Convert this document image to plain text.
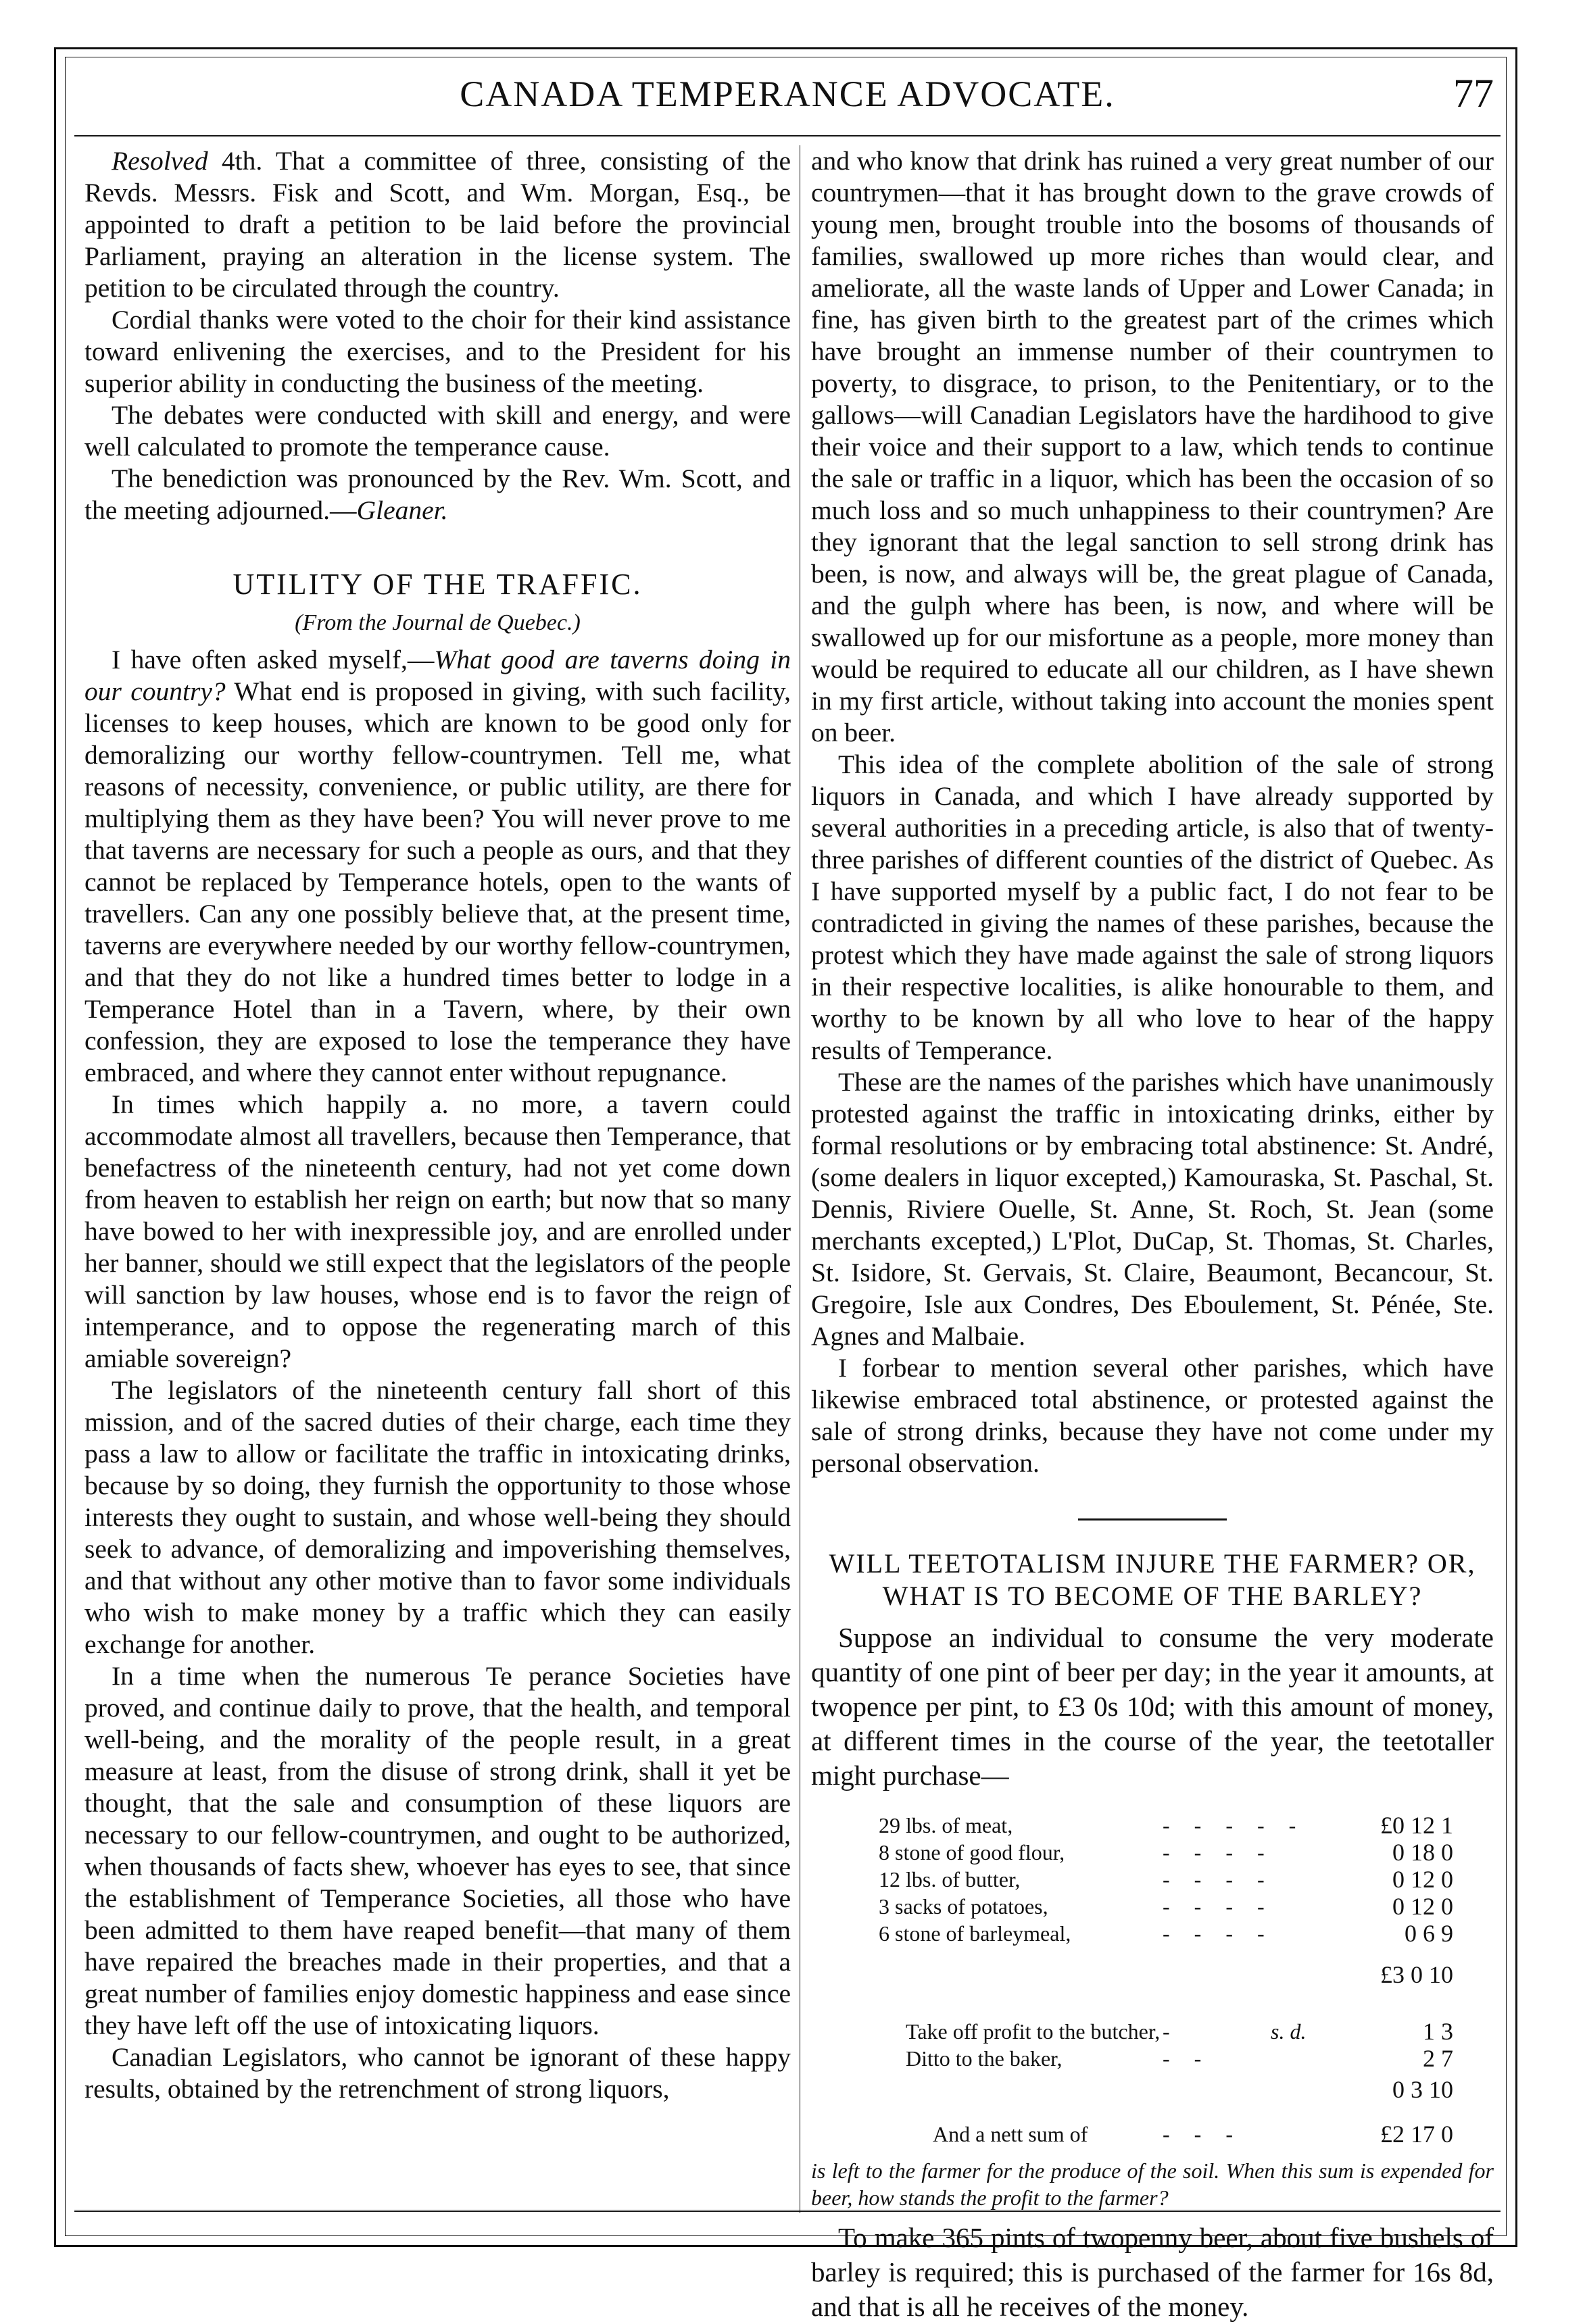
CANADA TEMPERANCE ADVOCATE.	77

Resolved 4th. That a committee of three, consisting of the Revds. Messrs. Fisk and Scott, and Wm. Morgan, Esq., be appointed to draft a petition to be laid before the provincial Parliament, praying an alteration in the license system. The petition to be circulated through the country.

Cordial thanks were voted to the choir for their kind assistance toward enlivening the exercises, and to the President for his superior ability in conducting the business of the meeting.

The debates were conducted with skill and energy, and were well calculated to promote the temperance cause.

The benediction was pronounced by the Rev. Wm. Scott, and the meeting adjourned.—Gleaner.

UTILITY OF THE TRAFFIC.
(From the Journal de Quebec.)

I have often asked myself,—What good are taverns doing in our country? What end is proposed in giving, with such facility, licenses to keep houses, which are known to be good only for demoralizing our worthy fellow-countrymen. Tell me, what reasons of necessity, convenience, or public utility, are there for multiplying them as they have been? You will never prove to me that taverns are necessary for such a people as ours, and that they cannot be replaced by Temperance hotels, open to the wants of travellers. Can any one possibly believe that, at the present time, taverns are everywhere needed by our worthy fellow-countrymen, and that they do not like a hundred times better to lodge in a Temperance Hotel than in a Tavern, where, by their own confession, they are exposed to lose the temperance they have embraced, and where they cannot enter without repugnance.

In times which happily a. no more, a tavern could accommodate almost all travellers, because then Temperance, that benefactress of the nineteenth century, had not yet come down from heaven to establish her reign on earth; but now that so many have bowed to her with inexpressible joy, and are enrolled under her banner, should we still expect that the legislators of the people will sanction by law houses, whose end is to favor the reign of intemperance, and to oppose the regenerating march of this amiable sovereign?

The legislators of the nineteenth century fall short of this mission, and of the sacred duties of their charge, each time they pass a law to allow or facilitate the traffic in intoxicating drinks, because by so doing, they furnish the opportunity to those whose interests they ought to sustain, and whose well-being they should seek to advance, of demoralizing and impoverishing themselves, and that without any other motive than to favor some individuals who wish to make money by a traffic which they can easily exchange for another.

In a time when the numerous Te perance Societies have proved, and continue daily to prove, that the health, and temporal well-being, and the morality of the people result, in a great measure at least, from the disuse of strong drink, shall it yet be thought, that the sale and consumption of these liquors are necessary to our fellow-countrymen, and ought to be authorized, when thousands of facts shew, whoever has eyes to see, that since the establishment of Temperance Societies, all those who have been admitted to them have reaped benefit—that many of them have repaired the breaches made in their properties, and that a great number of families enjoy domestic happiness and ease since they have left off the use of intoxicating liquors.

Canadian Legislators, who cannot be ignorant of these happy results, obtained by the retrenchment of strong liquors,

and who know that drink has ruined a very great number of our countrymen—that it has brought down to the grave crowds of young men, brought trouble into the bosoms of thousands of families, swallowed up more riches than would clear, and ameliorate, all the waste lands of Upper and Lower Canada; in fine, has given birth to the greatest part of the crimes which have brought an immense number of their countrymen to poverty, to disgrace, to prison, to the Penitentiary, or to the gallows—will Canadian Legislators have the hardihood to give their voice and their support to a law, which tends to continue the sale or traffic in a liquor, which has been the occasion of so much loss and so much unhappiness to their countrymen? Are they ignorant that the legal sanction to sell strong drink has been, is now, and always will be, the great plague of Canada, and the gulph where has been, is now, and where will be swallowed up for our misfortune as a people, more money than would be required to educate all our children, as I have shewn in my first article, without taking into account the monies spent on beer.

This idea of the complete abolition of the sale of strong liquors in Canada, and which I have already supported by several authorities in a preceding article, is also that of twenty-three parishes of different counties of the district of Quebec. As I have supported myself by a public fact, I do not fear to be contradicted in giving the names of these parishes, because the protest which they have made against the sale of strong liquors in their respective localities, is alike honourable to them, and worthy to be known by all who love to hear of the happy results of Temperance.

These are the names of the parishes which have unanimously protested against the traffic in intoxicating drinks, either by formal resolutions or by embracing total abstinence: St. André, (some dealers in liquor excepted,) Kamouraska, St. Paschal, St. Dennis, Riviere Ouelle, St. Anne, St. Roch, St. Jean (some merchants excepted,) L'Plot, DuCap, St. Thomas, St. Charles, St. Isidore, St. Gervais, St. Claire, Beaumont, Becancour, St. Gregoire, Isle aux Condres, Des Eboulement, St. Pénée, Ste. Agnes and Malbaie.

I forbear to mention several other parishes, which have likewise embraced total abstinence, or protested against the sale of strong drinks, because they have not come under my personal observation.

WILL TEETOTALISM INJURE THE FARMER? OR, WHAT IS TO BECOME OF THE BARLEY?

Suppose an individual to consume the very moderate quantity of one pint of beer per day; in the year it amounts, at twopence per pint, to £3 0s 10d; with this amount of money, at different times in the course of the year, the teetotaller might purchase—

29 lbs. of meat,	- - - - -	£0 12 1
8 stone of good flour,	- - - -	0 18 0
12 lbs. of butter,	- - - -	0 12 0
3 sacks of potatoes,	- - - -	0 12 0
6 stone of barleymeal,	- - - -	0 6 9
£3 0 10
s. d.
Take off profit to the butcher,	-	1 3
Ditto to the baker,	- -	2 7
0 3 10
And a nett sum of	- - -	£2 17 0

is left to the farmer for the produce of the soil. When this sum is expended for beer, how stands the profit to the farmer?

To make 365 pints of twopenny beer, about five bushels of barley is required; this is purchased of the farmer for 16s 8d, and that is all he receives of the money.
